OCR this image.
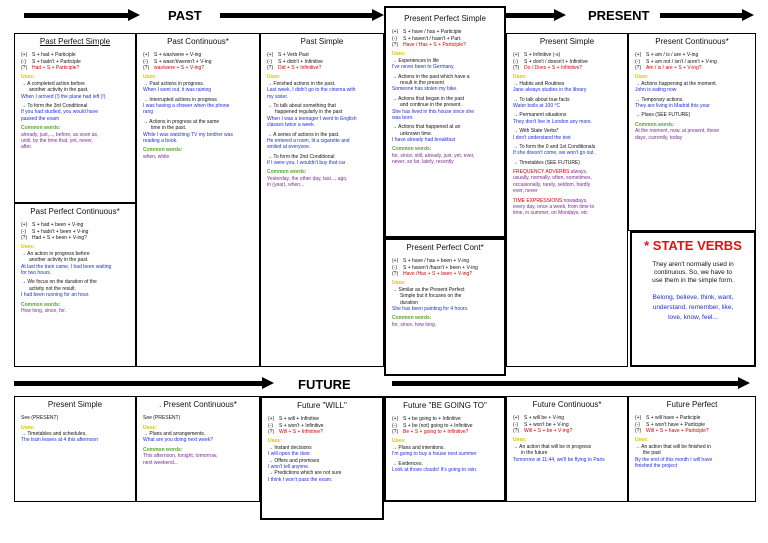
PAST	PRESENT
FUTURE
Past Perfect Simple
(+) S + had + Participle
(-) S + hadn't + Participle
(?) Had + S + Participle?
Uses:
→ A completed action before
another activity in the past.
When I arrived (!) the plane had left (!)
→ To form the 3rd Conditional
If you had studied, you would have
passed the exam
Common words:
already, just,..., before, as soon as,
until, by the time that, yet, never,
after.
Past Perfect Continuous*
(+) S + had + been + V-ing
(-) S + hadn't + been + V-ing
(?) Had + S + been + V-ing?
Uses:
→ An action in progress before
another activity in the past.
At last the train came, I had been waiting
for two hours.
→ We focus on the duration of the
activity not the result.
I had been running for an hour.
Common words:
How long, since, for.
Past Continuous*
(+) S + was/were + V-ing
(-) S + wasn't/weren't + V-ing
(?) was/were + S + V-ing?
Uses:
→ Past actions in progress.
When I went out, it was raining
→ Interrupted actions in progress
I was having a shower when the phone
rang
→ Actions in progress at the same
time in the past.
While I was watching TV my brother was
reading a book.
Common words:
when, while
Past Simple
(+) S + Verb Past
(-) S + didn't + Infinitive
(?) Did + S + Infinitive?
Uses:
→ Finished actions in the past.
Last week, I didn't go to the cinema with
my sister.
→ To talk about something that
happened regularly in the past
When I was a teenager I went to English
classes twice a week.
→ A series of actions in the past.
He entered a room, lit a cigarette and
smiled at everyone.
→ To form the 2nd Conditional
If I were you, I wouldn't buy that car
Common words:
Yesterday, the other day, last..., ago,
in (year), when...
Present Perfect Simple
(+) S + have / has + Participle
(-) S + haven't / hasn't + Part.
(?) Have / Has + S + Participle?
Uses:
→ Experiences in life
I've never been to Germany.
→ Actions in the past which have a
result in the present
Someone has stolen my bike.
→ Actions that began in the past
and continue in the present.
She has lived in this house since she
was born.
→ Actions that happened at an
unknown time.
I have already had breakfast
Common words:
for, since, still, already, just, yet, ever,
never, so far, lately, recently
Present Perfect Cont*
(+) S + have / has + been + V-ing
(-) S + haven't /hasn't + been + V-ing
(?) Have /Has + S + been + V-ing?
Uses:
→ Similar as the Present Perfect
Simple but it focuses on the
duration
She has been painting for 4 hours.
Common words:
for, since, how long.
Present Simple
(+) S + Infinitive (-s)
(-) S + don't / doesn't + Infinitive
(?) Do / Does + S + Infinitive?
Uses:
→ Habits and Routines
Jane always studies in the library
→ To talk about true facts
Water boils at 100 °C
→ Permanent situations
They don't live in London any more.
→ With State Verbs*
I don't understand the text
→ To form the 0 and 1st Conditionals
If she doesn't come, we won't go out.
→ Timetables (SEE FUTURE)
FREQUENCY ADVERBS:always,
usually, normally, often, sometimes,
occasionally, rarely, seldom, hardly
ever, never
TIME EXPRESSIONS:nowadays,
every day, once a week, from time to
time, in summer, on Mondays, etc
Present Continuous*
(+) S + am / is / are + V-ing
(-) S + am not / isn't / aren't + V-ing
(?) Am / is / are + S + V-ing?
Uses:
→ Actions happening at the moment.
John is eating now
→ Temporary actions.
They are living in Madrid this year
→ Plans (SEE FUTURE)
Common words:
At the moment, now, at present, these
days, currently, today
* STATE VERBS
They aren't normally used in
continuous. So, we have to
use them in the simple form.
Belong, believe, think, want,
understand, remember, like,
love, know, feel...
Present Simple
See (PRESENT)
Uses:
→ Timetables and schedules.
The train leaves at 4 this afternoon
. Present Continuous*
See (PRESENT)
Uses:
→ Plans and arrangements.
What are you doing next week?
Common words:
This afternoon, tonight, tomorrow,
next weekend...
Future "WILL"
(+) S + will + Infinitive
(-) S + won't + Infinitive
(?) Will + S + Infinitive?
Uses:
→ Instant decisions
I will open the door.
→ Offers and promises
I won't tell anyone.
→ Predictions which are not sure
I think I won't pass the exam.
Future "BE GOING TO"
(+) S + be going to + Infinitive
(-) S + be (not) going to + Infinitive
(?) Be + S + going to + Infinitive?
Uses:
→ Plans and intentions.
I'm going to buy a house next summer
→ Evidences.
Look at those clouds! It's going to rain.
Future Continuous*
(+) S + will be + V-ing
(-) S + won't be + V-ing
(?) Will + S + be + V-ing?
Uses:
→ An action that will be in progress
in the future
Tomorrow at 11:44, we'll be flying to Paris
Future Perfect
(+) S + will have + Participle
(-) S + won't have + Participle
(?) Will + S + have + Participle?
Uses:
→ An action that will be finished in
the past
By the end of this month I will have
finished the project
